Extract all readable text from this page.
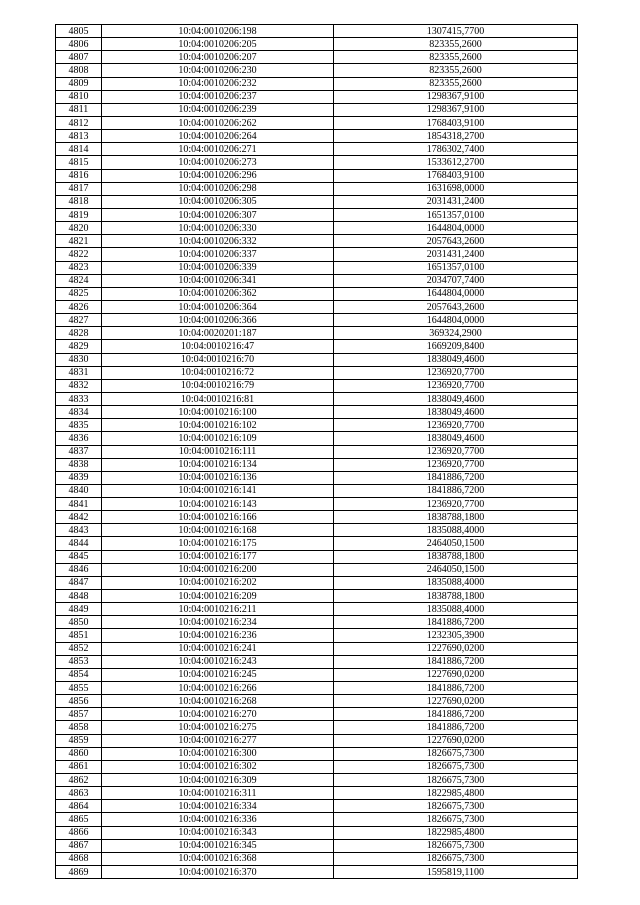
4805	10:04:0010206:198	1307415,7700
4806	10:04:0010206:205	823355,2600
4807	10:04:0010206:207	823355,2600
4808	10:04:0010206:230	823355,2600
4809	10:04:0010206:232	823355,2600
4810	10:04:0010206:237	1298367,9100
4811	10:04:0010206:239	1298367,9100
4812	10:04:0010206:262	1768403,9100
4813	10:04:0010206:264	1854318,2700
4814	10:04:0010206:271	1786302,7400
4815	10:04:0010206:273	1533612,2700
4816	10:04:0010206:296	1768403,9100
4817	10:04:0010206:298	1631698,0000
4818	10:04:0010206:305	2031431,2400
4819	10:04:0010206:307	1651357,0100
4820	10:04:0010206:330	1644804,0000
4821	10:04:0010206:332	2057643,2600
4822	10:04:0010206:337	2031431,2400
4823	10:04:0010206:339	1651357,0100
4824	10:04:0010206:341	2034707,7400
4825	10:04:0010206:362	1644804,0000
4826	10:04:0010206:364	2057643,2600
4827	10:04:0010206:366	1644804,0000
4828	10:04:0020201:187	369324,2900
4829	10:04:0010216:47	1669209,8400
4830	10:04:0010216:70	1838049,4600
4831	10:04:0010216:72	1236920,7700
4832	10:04:0010216:79	1236920,7700
4833	10:04:0010216:81	1838049,4600
4834	10:04:0010216:100	1838049,4600
4835	10:04:0010216:102	1236920,7700
4836	10:04:0010216:109	1838049,4600
4837	10:04:0010216:111	1236920,7700
4838	10:04:0010216:134	1236920,7700
4839	10:04:0010216:136	1841886,7200
4840	10:04:0010216:141	1841886,7200
4841	10:04:0010216:143	1236920,7700
4842	10:04:0010216:166	1838788,1800
4843	10:04:0010216:168	1835088,4000
4844	10:04:0010216:175	2464050,1500
4845	10:04:0010216:177	1838788,1800
4846	10:04:0010216:200	2464050,1500
4847	10:04:0010216:202	1835088,4000
4848	10:04:0010216:209	1838788,1800
4849	10:04:0010216:211	1835088,4000
4850	10:04:0010216:234	1841886,7200
4851	10:04:0010216:236	1232305,3900
4852	10:04:0010216:241	1227690,0200
4853	10:04:0010216:243	1841886,7200
4854	10:04:0010216:245	1227690,0200
4855	10:04:0010216:266	1841886,7200
4856	10:04:0010216:268	1227690,0200
4857	10:04:0010216:270	1841886,7200
4858	10:04:0010216:275	1841886,7200
4859	10:04:0010216:277	1227690,0200
4860	10:04:0010216:300	1826675,7300
4861	10:04:0010216:302	1826675,7300
4862	10:04:0010216:309	1826675,7300
4863	10:04:0010216:311	1822985,4800
4864	10:04:0010216:334	1826675,7300
4865	10:04:0010216:336	1826675,7300
4866	10:04:0010216:343	1822985,4800
4867	10:04:0010216:345	1826675,7300
4868	10:04:0010216:368	1826675,7300
4869	10:04:0010216:370	1595819,1100
